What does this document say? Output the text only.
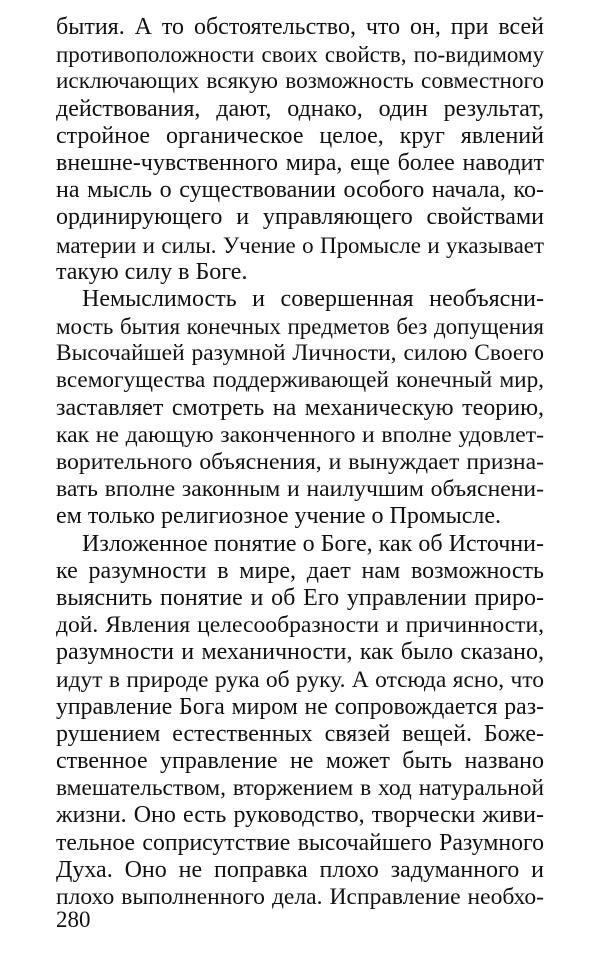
бытия. А то обстоятельство, что он, при всей
противоположности своих свойств, по-видимому
исключающих всякую возможность совместного
действования, дают, однако, один результат,
стройное органическое целое, круг явлений
внешне-чувственного мира, еще более наводит
на мысль о существовании особого начала, ко-
ординирующего и управляющего свойствами
материи и силы. Учение о Промысле и указывает
такую силу в Боге.
Немыслимость и совершенная необъясни-
мость бытия конечных предметов без допущения
Высочайшей разумной Личности, силою Своего
всемогущества поддерживающей конечный мир,
заставляет смотреть на механическую теорию,
как не дающую законченного и вполне удовлет-
ворительного объяснения, и вынуждает призна-
вать вполне законным и наилучшим объяснени-
ем только религиозное учение о Промысле.
Изложенное понятие о Боге, как об Источни-
ке разумности в мире, дает нам возможность
выяснить понятие и об Его управлении приро-
дой. Явления целесообразности и причинности,
разумности и механичности, как было сказано,
идут в природе рука об руку. А отсюда ясно, что
управление Бога миром не сопровождается раз-
рушением естественных связей вещей. Боже-
ственное управление не может быть названо
вмешательством, вторжением в ход натуральной
жизни. Оно есть руководство, творчески живи-
тельное соприсутствие высочайшего Разумного
Духа. Оно не поправка плохо задуманного и
плохо выполненного дела. Исправление необхо-
280
